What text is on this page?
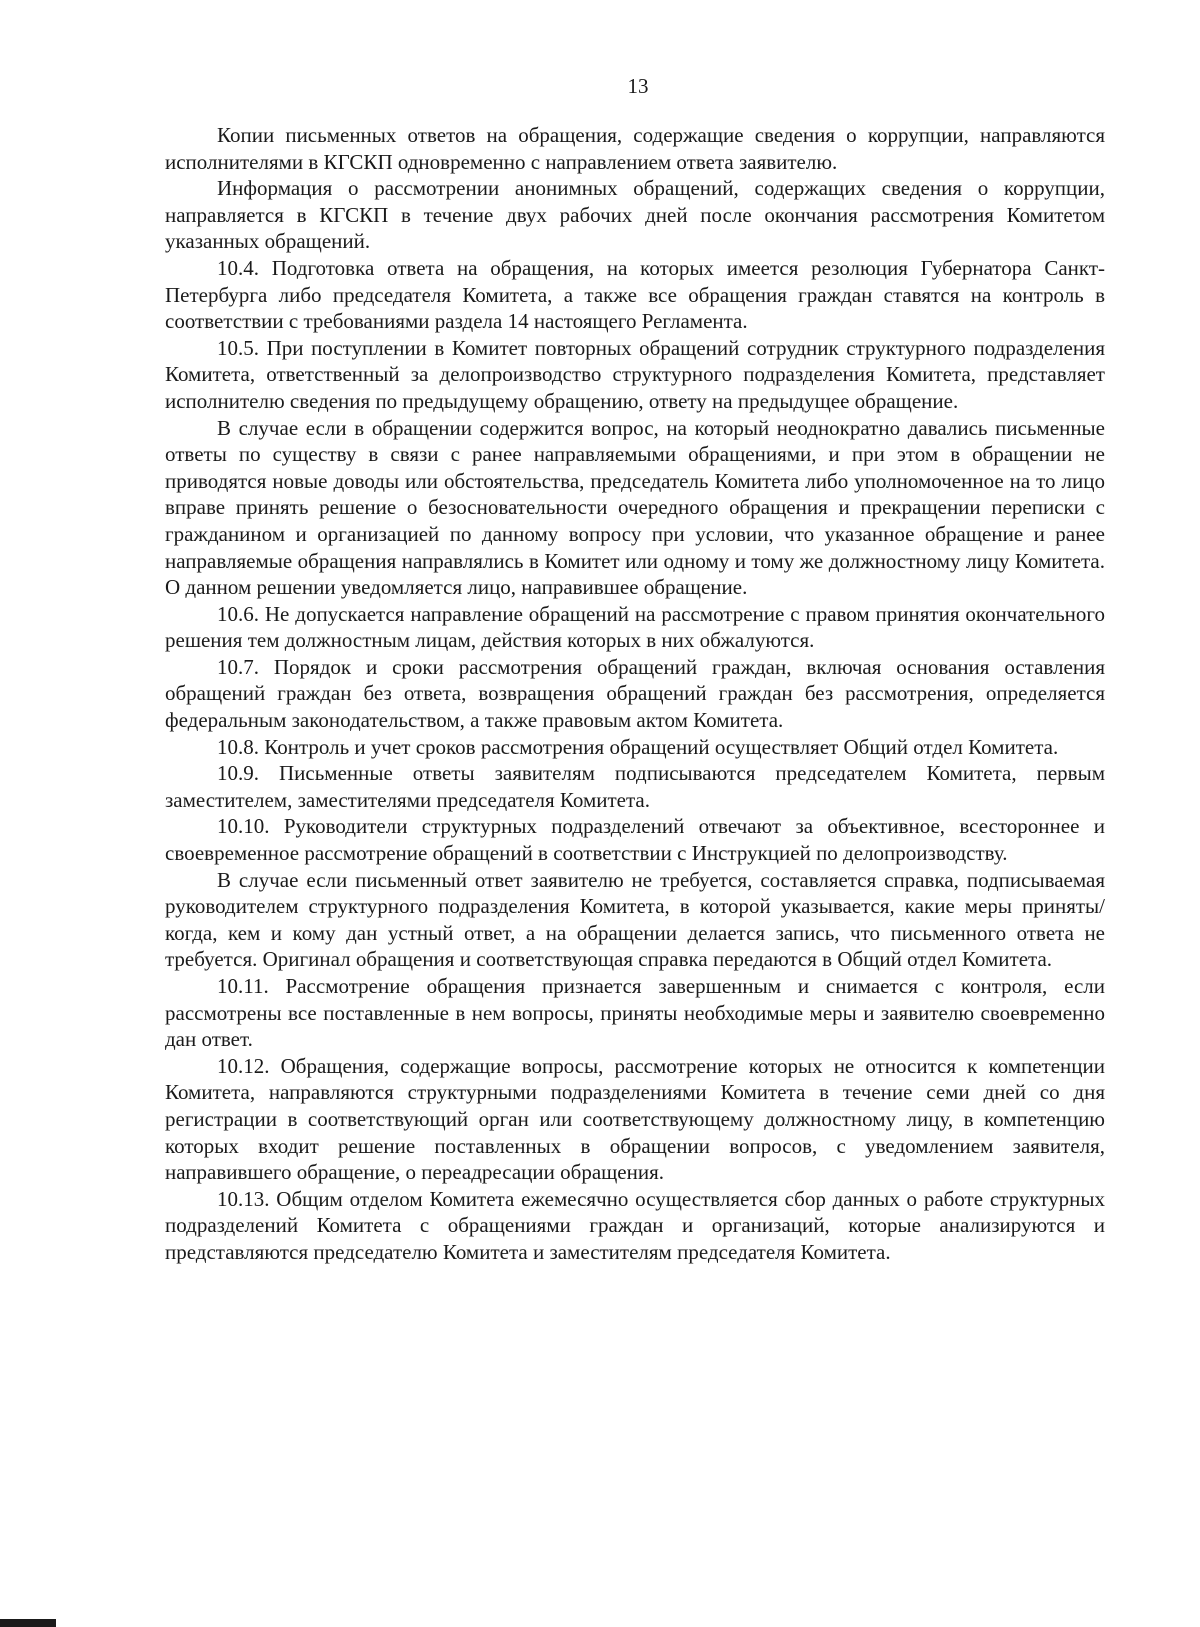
13

Копии письменных ответов на обращения, содержащие сведения о коррупции, направляются исполнителями в КГСКП одновременно с направлением ответа заявителю.

Информация о рассмотрении анонимных обращений, содержащих сведения о коррупции, направляется в КГСКП в течение двух рабочих дней после окончания рассмотрения Комитетом указанных обращений.

10.4. Подготовка ответа на обращения, на которых имеется резолюция Губернатора Санкт-Петербурга либо председателя Комитета, а также все обращения граждан ставятся на контроль в соответствии с требованиями раздела 14 настоящего Регламента.

10.5. При поступлении в Комитет повторных обращений сотрудник структурного подразделения Комитета, ответственный за делопроизводство структурного подразделения Комитета, представляет исполнителю сведения по предыдущему обращению, ответу на предыдущее обращение.

В случае если в обращении содержится вопрос, на который неоднократно давались письменные ответы по существу в связи с ранее направляемыми обращениями, и при этом в обращении не приводятся новые доводы или обстоятельства, председатель Комитета либо уполномоченное на то лицо вправе принять решение о безосновательности очередного обращения и прекращении переписки с гражданином и организацией по данному вопросу при условии, что указанное обращение и ранее направляемые обращения направлялись в Комитет или одному и тому же должностному лицу Комитета. О данном решении уведомляется лицо, направившее обращение.

10.6. Не допускается направление обращений на рассмотрение с правом принятия окончательного решения тем должностным лицам, действия которых в них обжалуются.

10.7. Порядок и сроки рассмотрения обращений граждан, включая основания оставления обращений граждан без ответа, возвращения обращений граждан без рассмотрения, определяется федеральным законодательством, а также правовым актом Комитета.

10.8. Контроль и учет сроков рассмотрения обращений осуществляет Общий отдел Комитета.

10.9. Письменные ответы заявителям подписываются председателем Комитета, первым заместителем, заместителями председателя Комитета.

10.10. Руководители структурных подразделений отвечают за объективное, всестороннее и своевременное рассмотрение обращений в соответствии с Инструкцией по делопроизводству.

В случае если письменный ответ заявителю не требуется, составляется справка, подписываемая руководителем структурного подразделения Комитета, в которой указывается, какие меры приняты/когда, кем и кому дан устный ответ, а на обращении делается запись, что письменного ответа не требуется. Оригинал обращения и соответствующая справка передаются в Общий отдел Комитета.

10.11. Рассмотрение обращения признается завершенным и снимается с контроля, если рассмотрены все поставленные в нем вопросы, приняты необходимые меры и заявителю своевременно дан ответ.

10.12. Обращения, содержащие вопросы, рассмотрение которых не относится к компетенции Комитета, направляются структурными подразделениями Комитета в течение семи дней со дня регистрации в соответствующий орган или соответствующему должностному лицу, в компетенцию которых входит решение поставленных в обращении вопросов, с уведомлением заявителя, направившего обращение, о переадресации обращения.

10.13. Общим отделом Комитета ежемесячно осуществляется сбор данных о работе структурных подразделений Комитета с обращениями граждан и организаций, которые анализируются и представляются председателю Комитета и заместителям председателя Комитета.
